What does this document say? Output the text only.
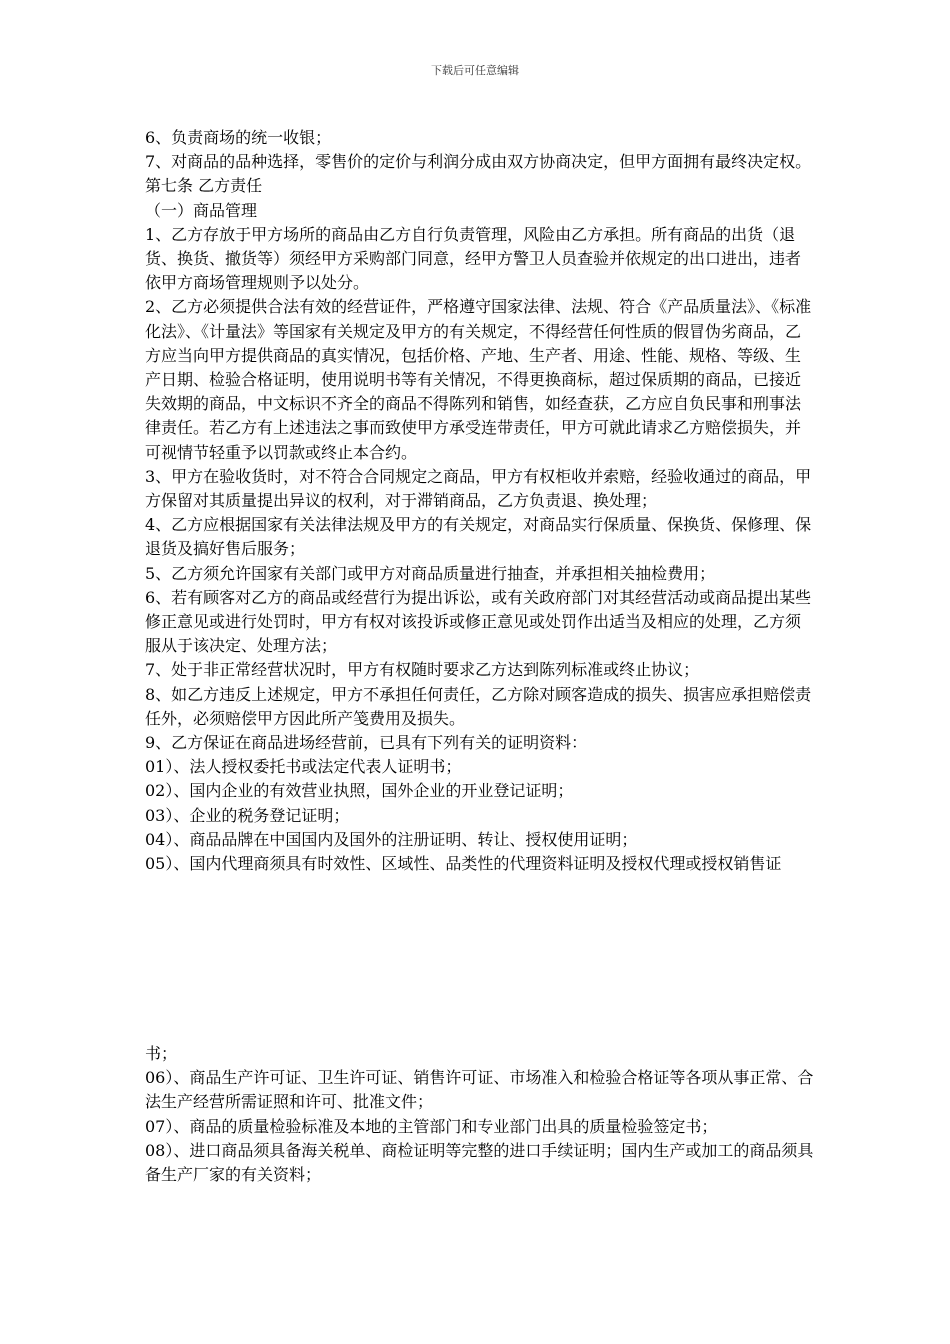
下载后可任意编辑

6、负责商场的统一收银；

7、对商品的品种选择，零售价的定价与利润分成由双方协商决定，但甲方面拥有最终决定权。

第七条 乙方责任

（一）商品管理

1、乙方存放于甲方场所的商品由乙方自行负责管理，风险由乙方承担。所有商品的出货（退货、换货、撤货等）须经甲方采购部门同意，经甲方警卫人员查验并依规定的出口进出，违者依甲方商场管理规则予以处分。

2、乙方必须提供合法有效的经营证件，严格遵守国家法律、法规、符合《产品质量法》、《标准化法》、《计量法》等国家有关规定及甲方的有关规定，不得经营任何性质的假冒伪劣商品，乙方应当向甲方提供商品的真实情况，包括价格、产地、生产者、用途、性能、规格、等级、生产日期、检验合格证明，使用说明书等有关情况，不得更换商标，超过保质期的商品，已接近失效期的商品，中文标识不齐全的商品不得陈列和销售，如经查获，乙方应自负民事和刑事法律责任。若乙方有上述违法之事而致使甲方承受连带责任，甲方可就此请求乙方赔偿损失，并可视情节轻重予以罚款或终止本合约。

3、甲方在验收货时，对不符合合同规定之商品，甲方有权柜收并索赔，经验收通过的商品，甲方保留对其质量提出异议的权利，对于滞销商品，乙方负责退、换处理；

4、乙方应根据国家有关法律法规及甲方的有关规定，对商品实行保质量、保换货、保修理、保退货及搞好售后服务；

5、乙方须允许国家有关部门或甲方对商品质量进行抽查，并承担相关抽检费用；

6、若有顾客对乙方的商品或经营行为提出诉讼，或有关政府部门对其经营活动或商品提出某些修正意见或进行处罚时，甲方有权对该投诉或修正意见或处罚作出适当及相应的处理，乙方须服从于该决定、处理方法；

7、处于非正常经营状况时，甲方有权随时要求乙方达到陈列标准或终止协议；

8、如乙方违反上述规定，甲方不承担任何责任，乙方除对顾客造成的损失、损害应承担赔偿责任外，必须赔偿甲方因此所产笺费用及损失。

9、乙方保证在商品进场经营前，已具有下列有关的证明资料：

01）、法人授权委托书或法定代表人证明书；

02）、国内企业的有效营业执照，国外企业的开业登记证明；

03）、企业的税务登记证明；

04）、商品品牌在中国国内及国外的注册证明、转让、授权使用证明；

05）、国内代理商须具有时效性、区域性、品类性的代理资料证明及授权代理或授权销售证

书；

06）、商品生产许可证、卫生许可证、销售许可证、市场准入和检验合格证等各项从事正常、合法生产经营所需证照和许可、批准文件；

07）、商品的质量检验标准及本地的主管部门和专业部门出具的质量检验签定书；

08）、进口商品须具备海关税单、商检证明等完整的进口手续证明；国内生产或加工的商品须具备生产厂家的有关资料；
